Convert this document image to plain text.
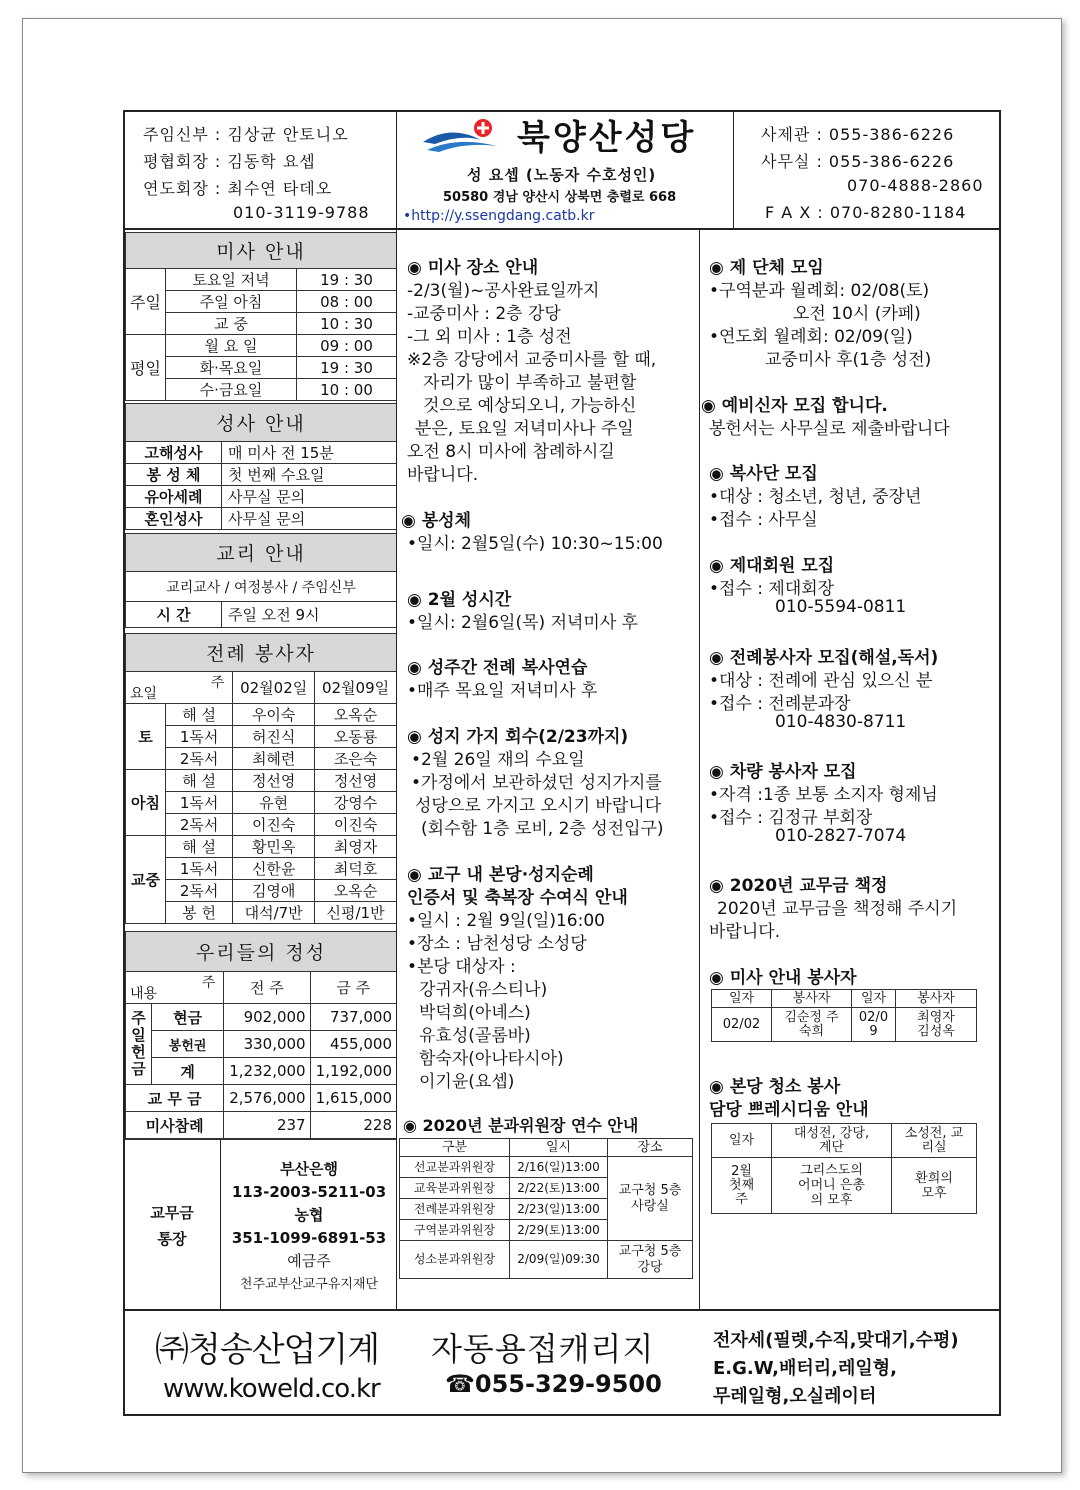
주임신부 : 김상균 안토니오

평협회장 : 김동학 요셉

연도회장 : 최수연 타데오

010-3119-9788

북양산성당

성 요셉 (노동자 수호성인)

50580 경남 양산시 상북면 충렬로 668

•http://y.ssengdang.catb.kr

사제관 : 055-386-6226

사무실 : 055-386-6226

070-4888-2860

F A X : 070-8280-1184

미사 안내		
주일	토요일 저녁	19 : 30
	주일 아침	08 : 00
	교 중	10 : 30
평일	월 요 일	09 : 00
	화·목요일	19 : 30
	수·금요일	10 : 00
성사 안내	
고해성사	매 미사 전 15분
봉 성 체	첫 번째 수요일
유아세례	사무실 문의
혼인성사	사무실 문의
교리 안내
교리교사 / 여정봉사 / 주임신부
시 간	주일 오전 9시
전례 봉사자			

주
요일		02월02일	02월09일
토	해 설	우이숙	오옥순
	1독서	허진식	오동룡
	2독서	최혜련	조은숙
아침	해 설	정선영	정선영
	1독서	유현	강영수
	2독서	이진숙	이진숙
교중	해 설	황민옥	최영자
	1독서	신한윤	최덕호
	2독서	김영애	오옥순
	봉 헌	대석/7반	신평/1반
우리들의 정성			

주
내용		전 주	금 주
주일헌금	현금	902,000	737,000
	봉헌권	330,000	455,000
	계	1,232,000	1,192,000
교 무 금		2,576,000	1,615,000
미사참례		237	228
교무금 통장
부산은행
113-2003-5211-03
농협
351-1099-6891-53
예금주
천주교부산교구유지재단
◉ 미사 장소 안내
-2/3(월)~공사완료일까지
-교중미사 : 2층 강당
-그 외 미사 : 1층 성전
※2층 강당에서 교중미사를 할 때,
자리가 많이 부족하고 불편할
것으로 예상되오니, 가능하신
분은, 토요일 저녁미사나 주일
오전 8시 미사에 참례하시길
바랍니다.
◉ 봉성체
•일시: 2월5일(수) 10:30~15:00
◉ 2월 성시간
•일시: 2월6일(목) 저녁미사 후
◉ 성주간 전례 복사연습
•매주 목요일 저녁미사 후
◉ 성지 가지 회수(2/23까지)
•2월 26일 재의 수요일
•가정에서 보관하셨던 성지가지를
성당으로 가지고 오시기 바랍니다
(회수함 1층 로비, 2층 성전입구)
◉ 교구 내 본당·성지순례
인증서 및 축복장 수여식 안내
•일시 : 2월 9일(일)16:00
•장소 : 남천성당 소성당
•본당 대상자 :
강귀자(유스티나)
박덕희(아녜스)
유효성(골롬바)
함숙자(아나타시아)
이기윤(요셉)
◉ 2020년 분과위원장 연수 안내
구분	일시	장소
선교분과위원장	2/16(일)13:00	교구청 5층 사랑실
교육분과위원장	2/22(토)13:00	
전례분과위원장	2/23(일)13:00	
구역분과위원장	2/29(토)13:00	
성소분과위원장	2/09(일)09:30	교구청 5층강당
◉ 제 단체 모임
•구역분과 월례회: 02/08(토)
오전 10시 (카페)
•연도회 월례회: 02/09(일)
교중미사 후(1층 성전)
◉ 예비신자 모집 합니다.
봉헌서는 사무실로 제출바랍니다
◉ 복사단 모집
•대상 : 청소년, 청년, 중장년
•접수 : 사무실
◉ 제대회원 모집
•접수 : 제대회장
010-5594-0811
◉ 전례봉사자 모집(해설,독서)
•대상 : 전례에 관심 있으신 분
•접수 : 전례분과장
010-4830-8711
◉ 차량 봉사자 모집
•자격 :1종 보통 소지자 형제님
•접수 : 김정규 부회장
010-2827-7074
◉ 2020년 교무금 책정
2020년 교무금을 책정해 주시기
바랍니다.
◉ 미사 안내 봉사자
일자	봉사자	일자	봉사자
02/02	김순정 주숙희	02/09	최영자 김성옥
◉ 본당 청소 봉사
담당 쁘레시디움 안내
일자	대성전, 강당, 계단	소성전, 교리실
2월 첫째주	그리스도의 어머니 은총의 모후	환희의 모후

㈜청송산업기계

www.koweld.co.kr

자동용접캐리지

☎055-329-9500

전자세(필렛,수직,맞대기,수평)

E.G.W,배터리,레일형,

무레일형,오실레이터
